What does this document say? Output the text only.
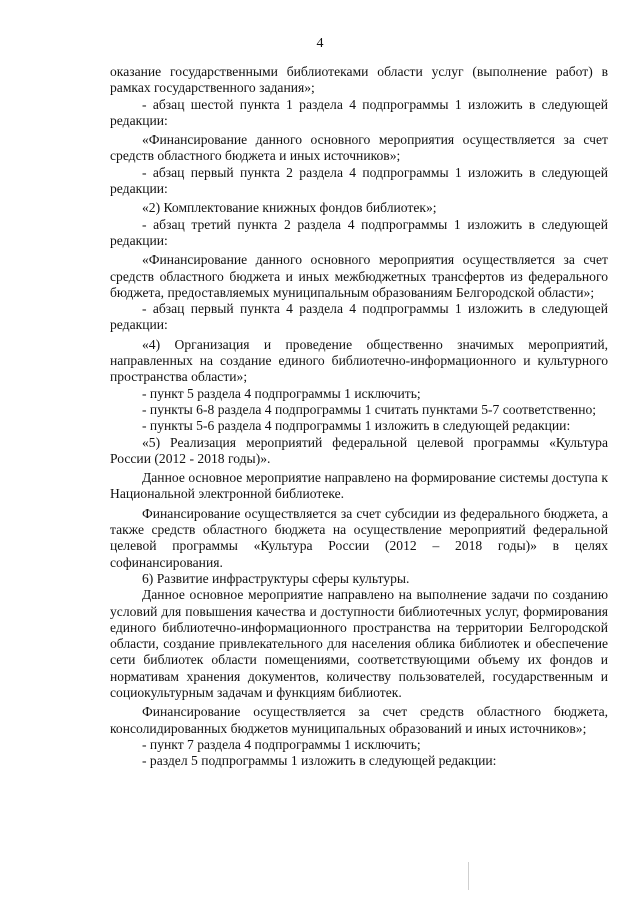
4

оказание государственными библиотеками области услуг (выполнение работ) в рамках государственного задания»;

- абзац шестой пункта 1 раздела 4 подпрограммы 1 изложить в следующей редакции:

«Финансирование данного основного мероприятия осуществляется за счет средств областного бюджета и иных источников»;

- абзац первый пункта 2 раздела 4 подпрограммы 1 изложить в следующей редакции:

«2) Комплектование книжных фондов библиотек»;

- абзац третий пункта 2 раздела 4 подпрограммы 1 изложить в следующей редакции:

«Финансирование данного основного мероприятия осуществляется за счет средств областного бюджета и иных межбюджетных трансфертов из федерального бюджета, предоставляемых муниципальным образованиям Белгородской области»;

- абзац первый пункта 4 раздела 4 подпрограммы 1 изложить в следующей редакции:

«4) Организация и проведение общественно значимых мероприятий, направленных на создание единого библиотечно-информационного и культурного пространства области»;

- пункт 5 раздела 4 подпрограммы 1 исключить;

- пункты 6-8 раздела 4 подпрограммы 1 считать пунктами 5-7 соответственно;

- пункты 5-6 раздела 4 подпрограммы 1 изложить в следующей редакции:

«5) Реализация мероприятий федеральной целевой программы «Культура России (2012 - 2018 годы)».

Данное основное мероприятие направлено на формирование системы доступа к Национальной электронной библиотеке.

Финансирование осуществляется за счет субсидии из федерального бюджета, а также средств областного бюджета на осуществление мероприятий федеральной целевой программы «Культура России (2012 – 2018 годы)» в целях софинансирования.

6) Развитие инфраструктуры сферы культуры.

Данное основное мероприятие направлено на выполнение задачи по созданию условий для повышения качества и доступности библиотечных услуг, формирования единого библиотечно-информационного пространства на территории Белгородской области, создание привлекательного для населения облика библиотек и обеспечение сети библиотек области помещениями, соответствующими объему их фондов и нормативам хранения документов, количеству пользователей, государственным и социокультурным задачам и функциям библиотек.

Финансирование осуществляется за счет средств областного бюджета, консолидированных бюджетов муниципальных образований и иных источников»;

- пункт 7 раздела 4 подпрограммы 1 исключить;

- раздел 5 подпрограммы 1 изложить в следующей редакции:
